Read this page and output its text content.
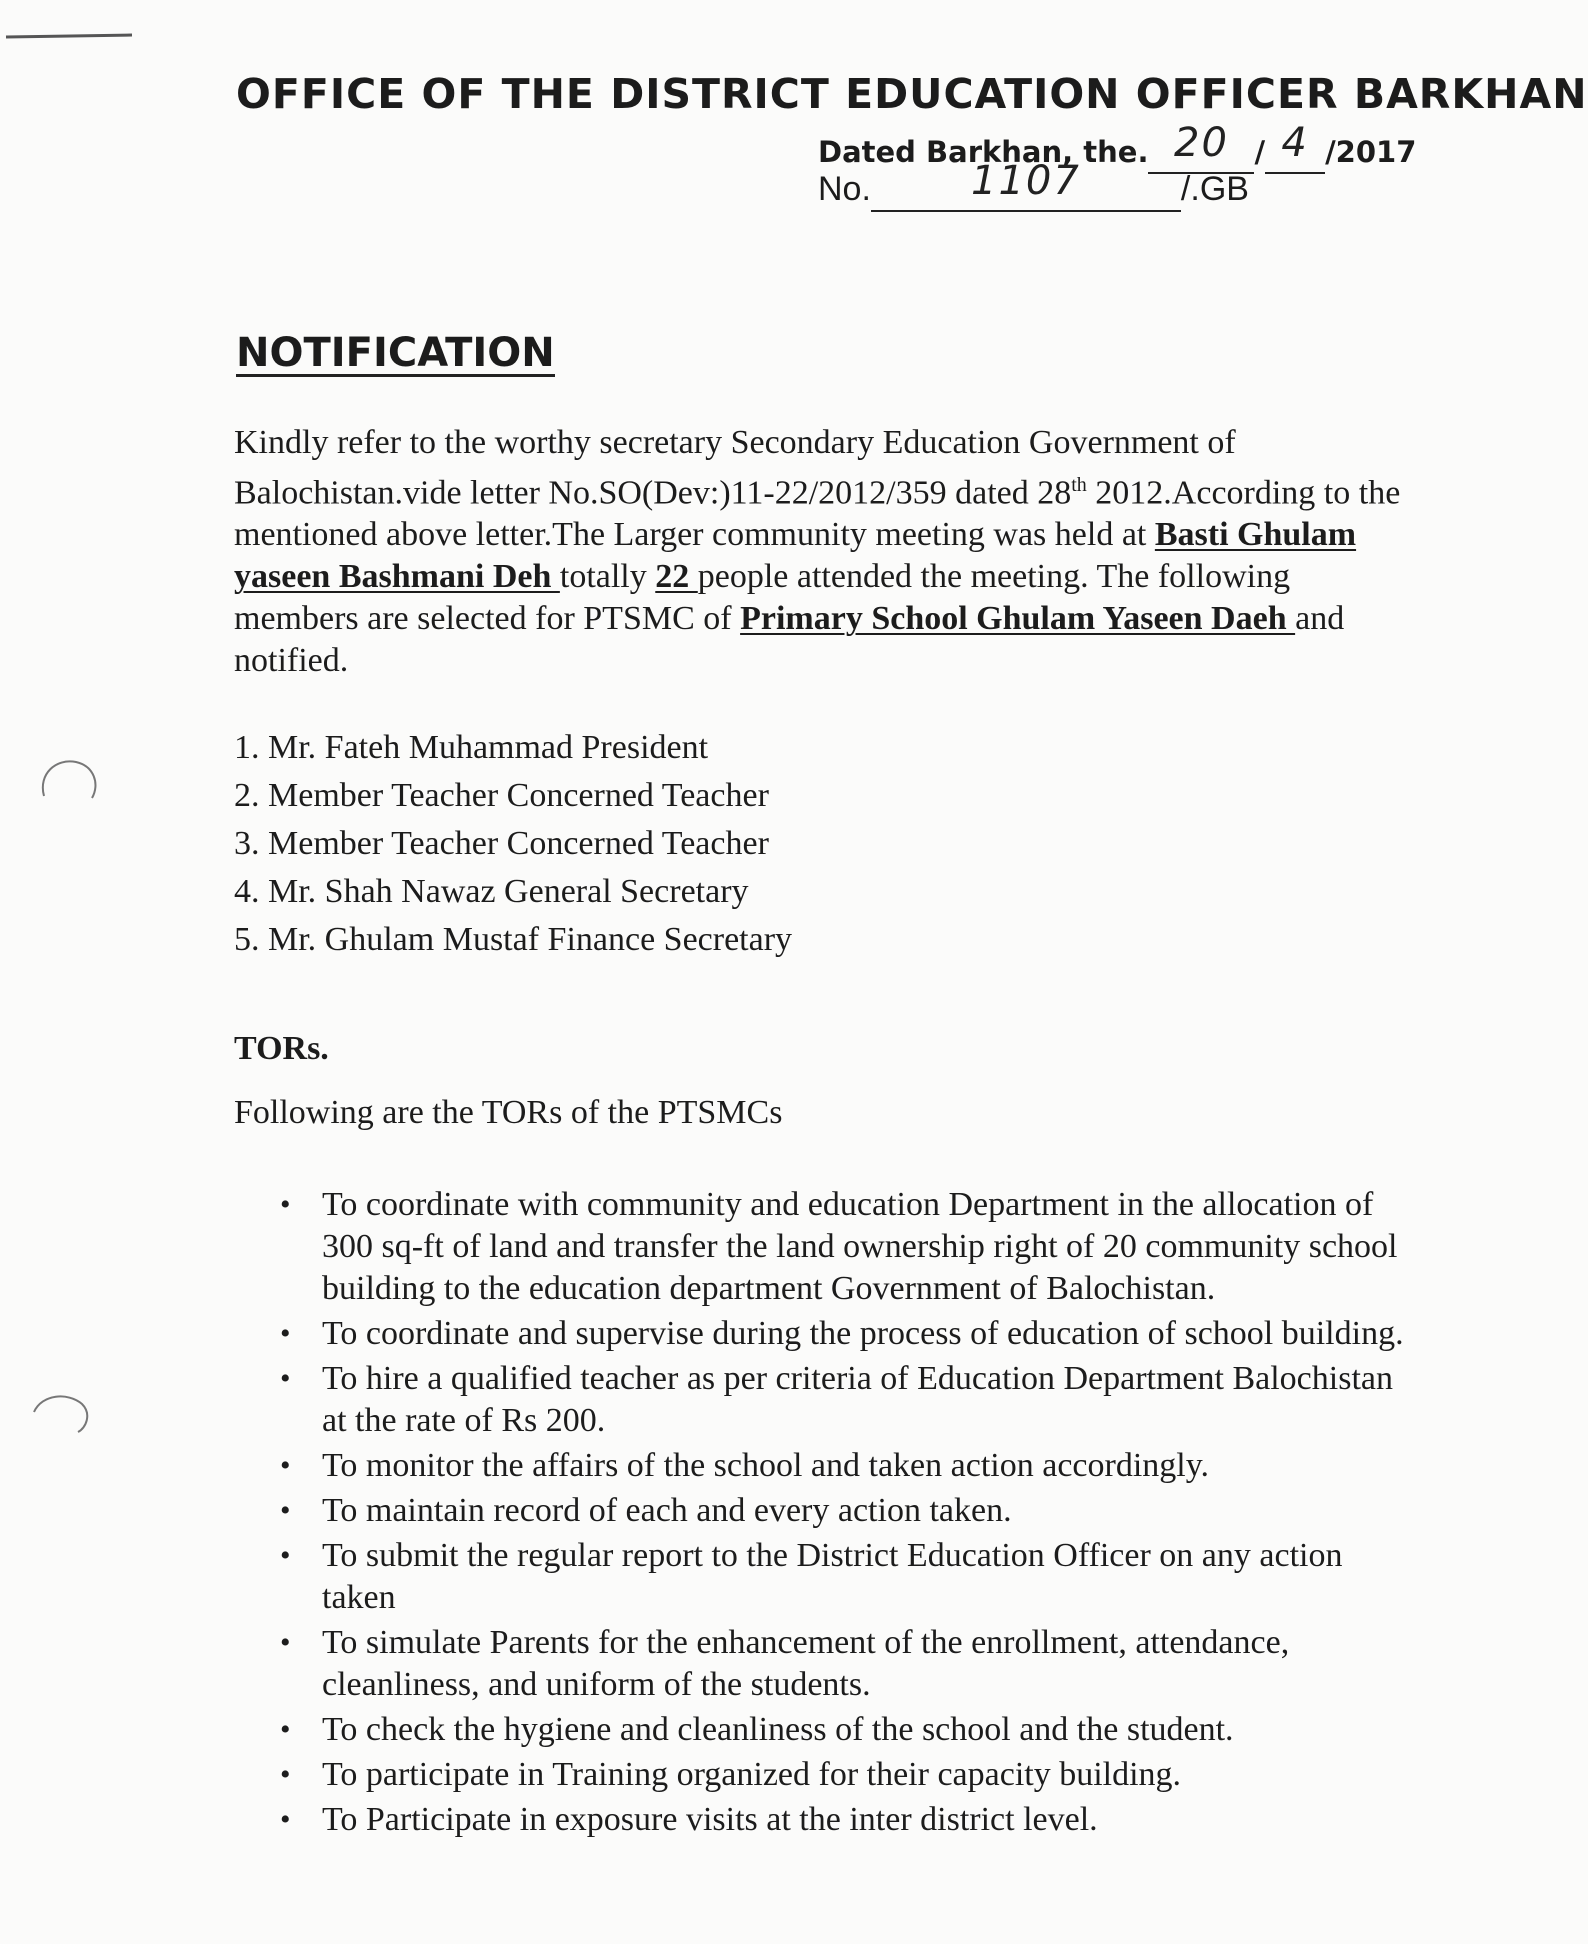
OFFICE OF THE DISTRICT EDUCATION OFFICER BARKHAN
Dated Barkhan, the. 20 / 4 /2017
No.	1107	/.GB
NOTIFICATION
Kindly refer to the worthy secretary Secondary Education Government of Balochistan.vide letter No.SO(Dev:)11-22/2012/359 dated 28th 2012.According to the mentioned above letter.The Larger community meeting was held at Basti Ghulam yaseen Bashmani Deh totally 22 people attended the meeting. The following members are selected for PTSMC of Primary School Ghulam Yaseen Daeh and notified.
1. Mr. Fateh Muhammad President
2. Member Teacher Concerned Teacher
3. Member Teacher Concerned Teacher
4. Mr. Shah Nawaz General Secretary
5. Mr. Ghulam Mustaf Finance Secretary
TORs.
Following are the TORs of the PTSMCs
• To coordinate with community and education Department in the allocation of 300 sq-ft of land and transfer the land ownership right of 20 community school building to the education department Government of Balochistan.
• To coordinate and supervise during the process of education of school building.
• To hire a qualified teacher as per criteria of Education Department Balochistan at the rate of Rs 200.
• To monitor the affairs of the school and taken action accordingly.
• To maintain record of each and every action taken.
• To submit the regular report to the District Education Officer on any action taken
• To simulate Parents for the enhancement of the enrollment, attendance, cleanliness, and uniform of the students.
• To check the hygiene and cleanliness of the school and the student.
• To participate in Training organized for their capacity building.
• To Participate in exposure visits at the inter district level.
